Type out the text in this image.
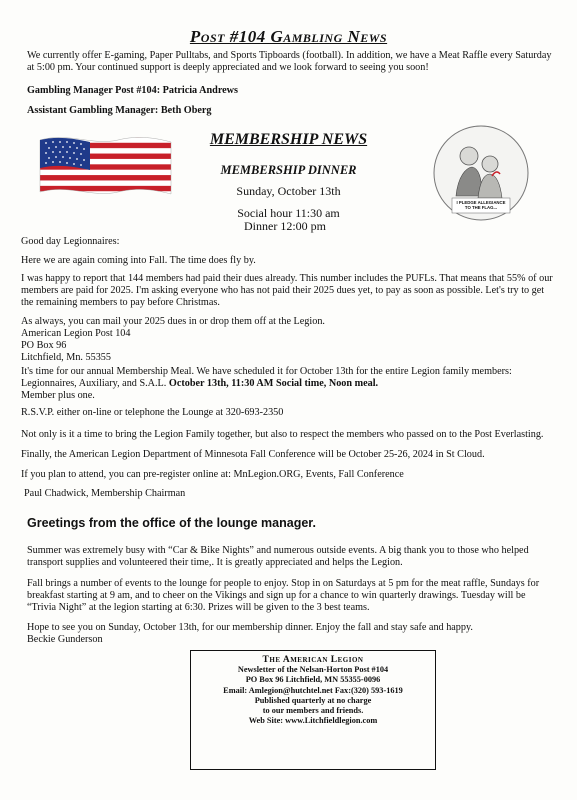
Post #104 Gambling News
We currently offer E-gaming, Paper Pulltabs, and Sports Tipboards (football). In addition, we have a Meat Raffle every Saturday at 5:00 pm. Your continued support is deeply appreciated and we look forward to seeing you soon!
Gambling Manager Post #104: Patricia Andrews
Assistant Gambling Manager: Beth Oberg
MEMBERSHIP NEWS
MEMBERSHIP DINNER
Sunday, October 13th
Social hour 11:30 am
Dinner 12:00 pm
I PLEDGE ALLEGIANCE
TO THE FLAG...
Good day Legionnaires:
Here we are again coming into Fall. The time does fly by.
I was happy to report that 144 members had paid their dues already. This number includes the PUFLs. That means that 55% of our members are paid for 2025. I'm asking everyone who has not paid their 2025 dues yet, to pay as soon as possible. Let's try to get the remaining members to pay before Christmas.
As always, you can mail your 2025 dues in or drop them off at the Legion.
American Legion Post 104
PO Box 96
Litchfield, Mn. 55355
It's time for our annual Membership Meal. We have scheduled it for October 13th for the entire Legion family members: Legionnaires, Auxiliary, and S.A.L. October 13th, 11:30 AM Social time, Noon meal.
Member plus one.
R.S.V.P. either on-line or telephone the Lounge at 320-693-2350
Not only is it a time to bring the Legion Family together, but also to respect the members who passed on to the Post Everlasting.
Finally, the American Legion Department of Minnesota Fall Conference will be October 25-26, 2024 in St Cloud.
If you plan to attend, you can pre-register online at: MnLegion.ORG, Events, Fall Conference
Paul Chadwick, Membership Chairman
Greetings from the office of the lounge manager.
Summer was extremely busy with “Car & Bike Nights” and numerous outside events. A big thank you to those who helped transport supplies and volunteered their time,. It is greatly appreciated and helps the Legion.
Fall brings a number of events to the lounge for people to enjoy. Stop in on Saturdays at 5 pm for the meat raffle, Sundays for breakfast starting at 9 am, and to cheer on the Vikings and sign up for a chance to win quarterly drawings. Tuesday will be “Trivia Night” at the legion starting at 6:30. Prizes will be given to the 3 best teams.
Hope to see you on Sunday, October 13th, for our membership dinner. Enjoy the fall and stay safe and happy.
Beckie Gunderson
The American Legion
Newsletter of the Nelsan-Horton Post #104
PO Box 96 Litchfield, MN 55355-0096
Email: Amlegion@hutchtel.net Fax:(320) 593-1619
Published quarterly at no charge
to our members and friends.
Web Site: www.Litchfieldlegion.com
